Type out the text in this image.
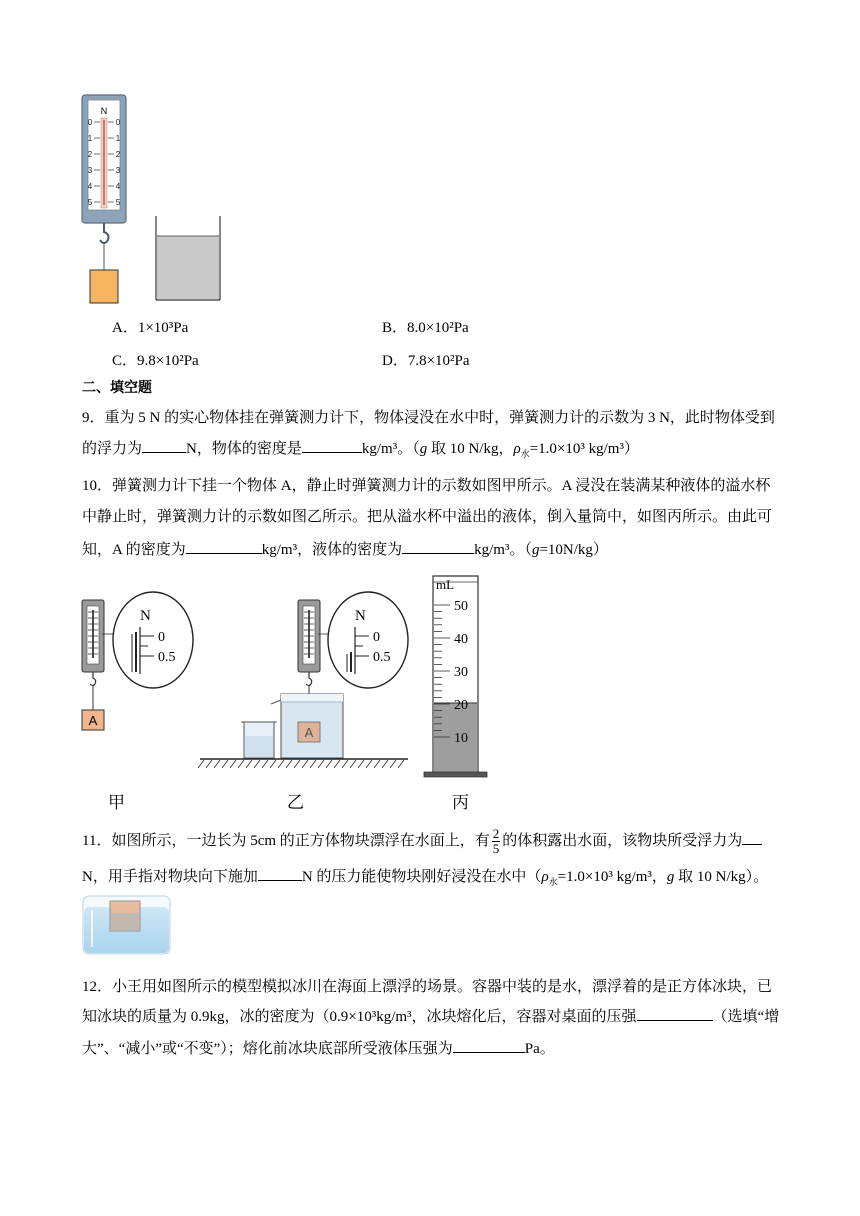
N
0	0
1	1
2	2
3	3
4	4
5	5
A．1×10³Pa	B．8.0×10²Pa
C．9.8×10²Pa	D．7.8×10²Pa
二、填空题
9．重为 5 N 的实心物体挂在弹簧测力计下，物体浸没在水中时，弹簧测力计的示数为 3 N，此时物体受到
的浮力为	N，物体的密度是	kg/m³。（g 取 10 N/kg，$\rho_水=1.0\times 10^3$ kg/m³）
10．弹簧测力计下挂一个物体 A，静止时弹簧测力计的示数如图甲所示。A 浸没在装满某种液体的溢水杯
中静止时，弹簧测力计的示数如图乙所示。把从溢水杯中溢出的液体，倒入量筒中，如图丙所示。由此可
知，A 的密度为	kg/m³，液体的密度为	kg/m³。（g=10N/kg）
A
N
0
0.5
N
0
0.5
A
mL
50
40
30
20
10
甲	乙	丙
11．如图所示，一边长为 5cm 的正方体物块漂浮在水面上，有 $\frac{2}{5}$ 的体积露出水面，该物块所受浮力为
N，用手指对物块向下施加	N 的压力能使物块刚好浸没在水中（$\rho_水=1.0\times 10^3$ kg/m³，g 取 10 N/kg）。
12．小王用如图所示的模型模拟冰川在海面上漂浮的场景。容器中装的是水，漂浮着的是正方体冰块，已
知冰块的质量为 0.9kg，冰的密度为（0.9×10³kg/m³，冰块熔化后，容器对桌面的压强	（选填“增
大”、“减小”或“不变”）；熔化前冰块底部所受液体压强为	Pa。
